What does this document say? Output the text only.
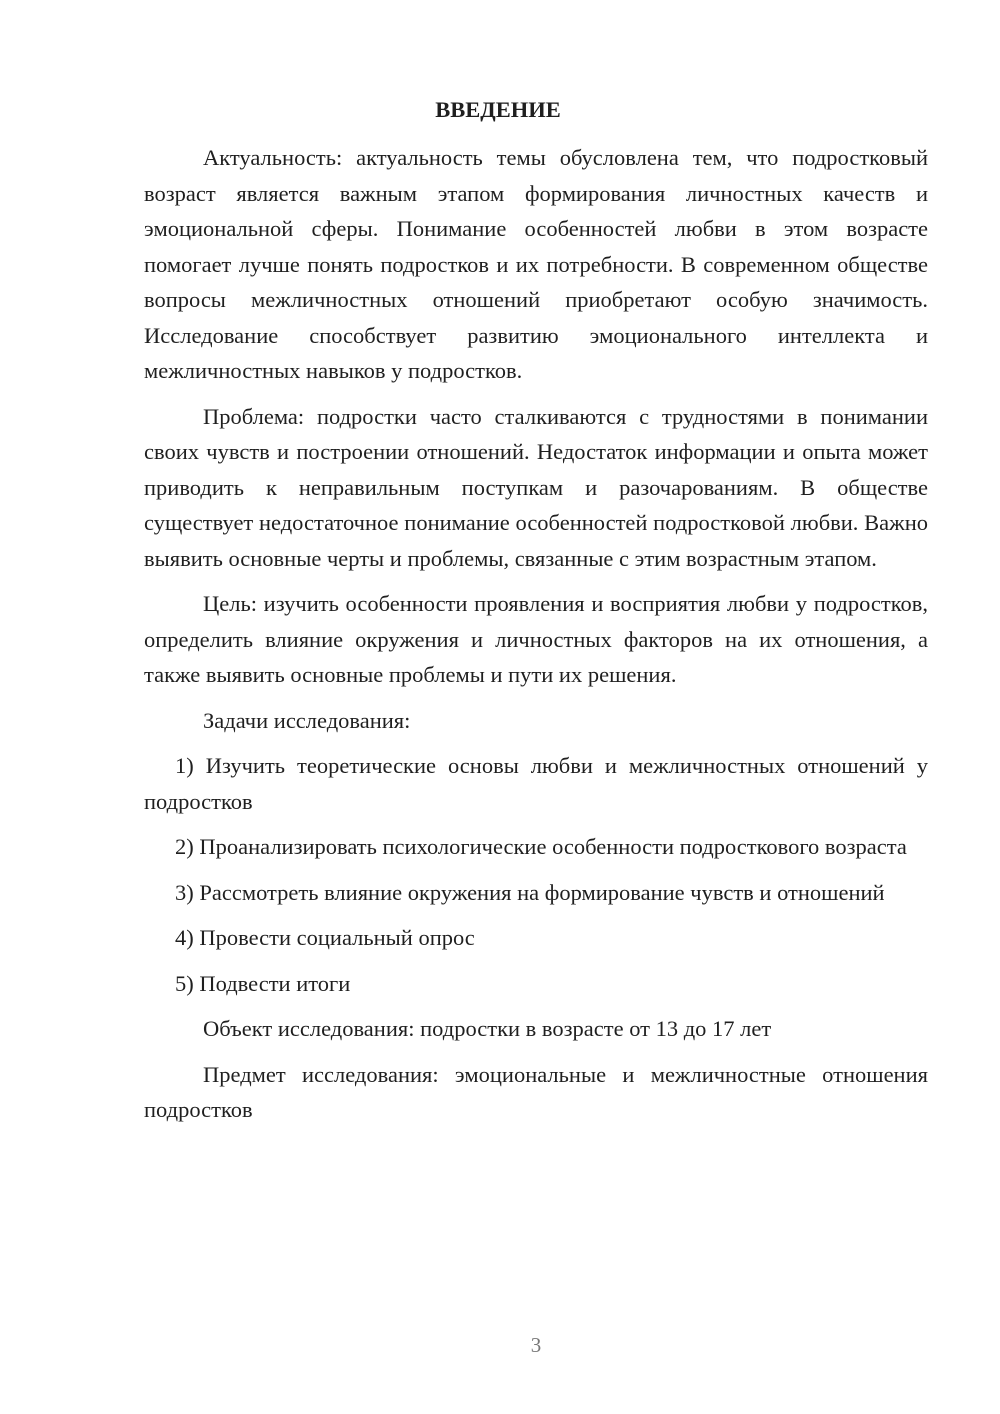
ВВЕДЕНИЕ
Актуальность: актуальность темы обусловлена тем, что подростковый возраст является важным этапом формирования личностных качеств и эмоциональной сферы. Понимание особенностей любви в этом возрасте помогает лучше понять подростков и их потребности. В современном обществе вопросы межличностных отношений приобретают особую значимость. Исследование способствует развитию эмоционального интеллекта и межличностных навыков у подростков.
Проблема: подростки часто сталкиваются с трудностями в понимании своих чувств и построении отношений. Недостаток информации и опыта может приводить к неправильным поступкам и разочарованиям. В обществе существует недостаточное понимание особенностей подростковой любви. Важно выявить основные черты и проблемы, связанные с этим возрастным этапом.
Цель: изучить особенности проявления и восприятия любви у подростков, определить влияние окружения и личностных факторов на их отношения, а также выявить основные проблемы и пути их решения.
Задачи исследования:
1) Изучить теоретические основы любви и межличностных отношений у подростков
2) Проанализировать психологические особенности подросткового возраста
3) Рассмотреть влияние окружения на формирование чувств и отношений
4) Провести социальный опрос
5) Подвести итоги
Объект исследования: подростки в возрасте от 13 до 17 лет
Предмет исследования: эмоциональные и межличностные отношения подростков
3
